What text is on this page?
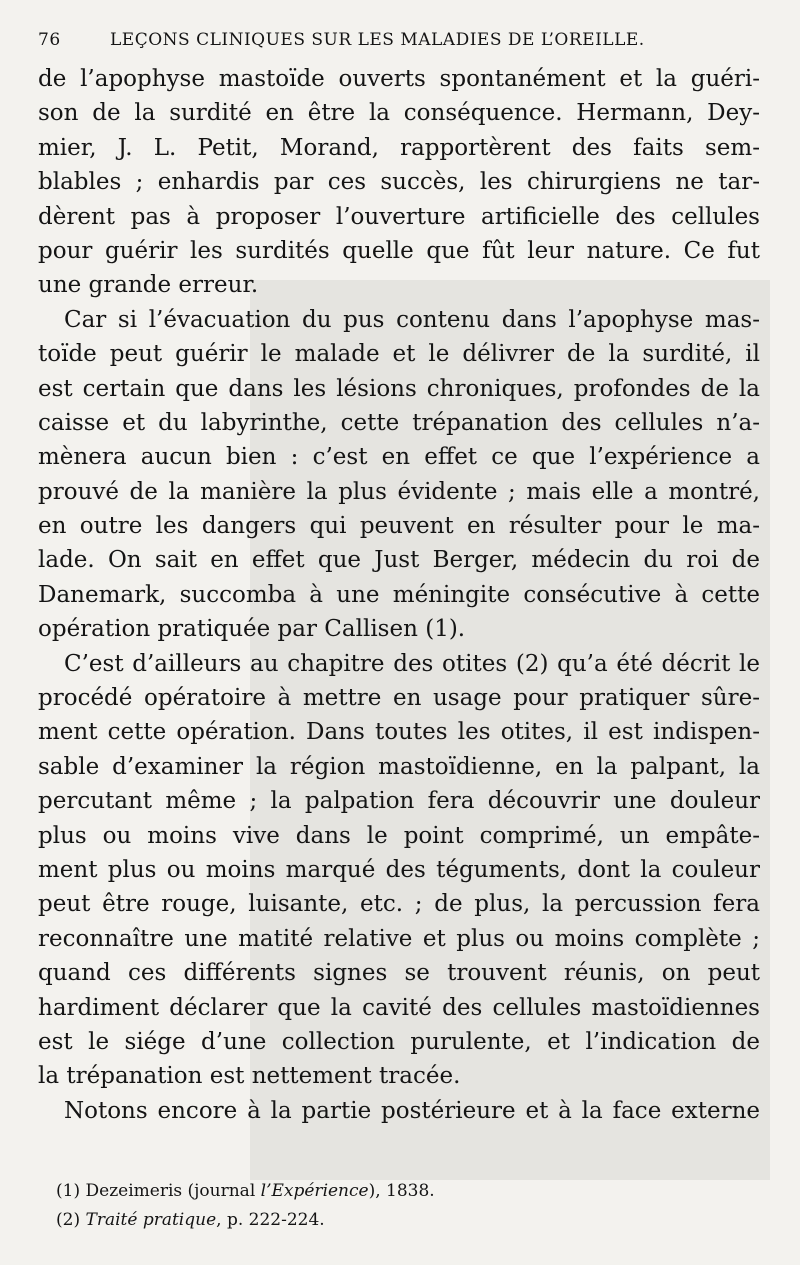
76	LEÇONS CLINIQUES SUR LES MALADIES DE L’OREILLE.
de l’apophyse mastoïde ouverts spontanément et la guéri-
son de la surdité en être la conséquence. Hermann, Dey-
mier, J. L. Petit, Morand, rapportèrent des faits sem-
blables ; enhardis par ces succès, les chirurgiens ne tar-
dèrent pas à proposer l’ouverture artificielle des cellules
pour guérir les surdités quelle que fût leur nature. Ce fut
une grande erreur.
Car si l’évacuation du pus contenu dans l’apophyse mas-
toïde peut guérir le malade et le délivrer de la surdité, il
est certain que dans les lésions chroniques, profondes de la
caisse et du labyrinthe, cette trépanation des cellules n’a-
mènera aucun bien : c’est en effet ce que l’expérience a
prouvé de la manière la plus évidente ; mais elle a montré,
en outre les dangers qui peuvent en résulter pour le ma-
lade. On sait en effet que Just Berger, médecin du roi de
Danemark, succomba à une méningite consécutive à cette
opération pratiquée par Callisen (1).
C’est d’ailleurs au chapitre des otites (2) qu’a été décrit le
procédé opératoire à mettre en usage pour pratiquer sûre-
ment cette opération. Dans toutes les otites, il est indispen-
sable d’examiner la région mastoïdienne, en la palpant, la
percutant même ; la palpation fera découvrir une douleur
plus ou moins vive dans le point comprimé, un empâte-
ment plus ou moins marqué des téguments, dont la couleur
peut être rouge, luisante, etc. ; de plus, la percussion fera
reconnaître une matité relative et plus ou moins complète ;
quand ces différents signes se trouvent réunis, on peut
hardiment déclarer que la cavité des cellules mastoïdiennes
est le siége d’une collection purulente, et l’indication de
la trépanation est nettement tracée.
Notons encore à la partie postérieure et à la face externe
(1) Dezeimeris (journal l’Expérience), 1838.
(2) Traité pratique, p. 222-224.
